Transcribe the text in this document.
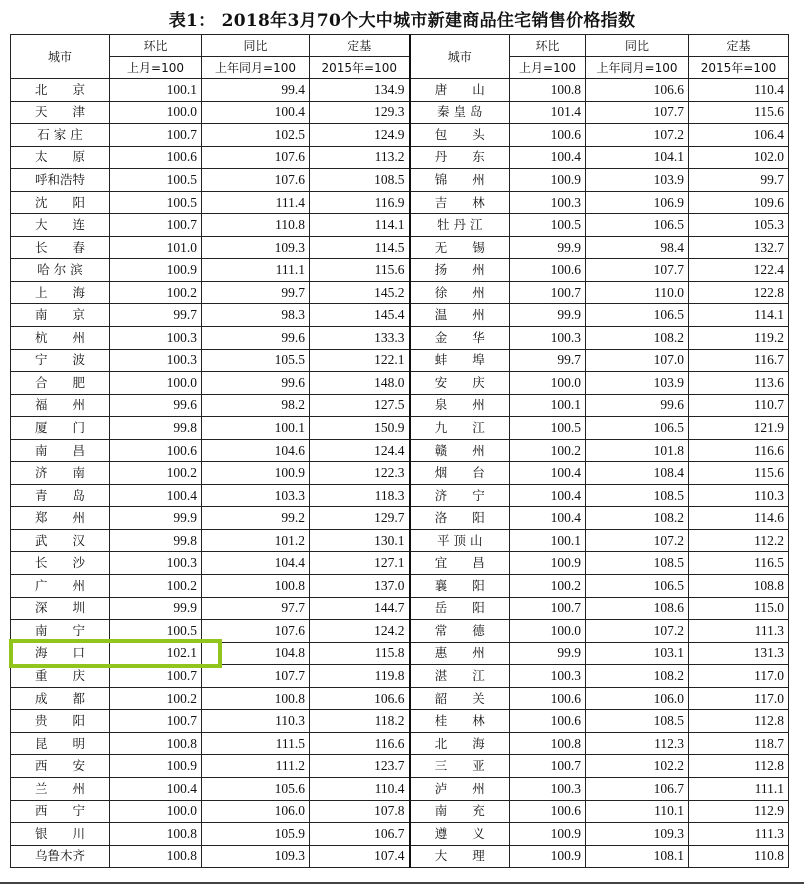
表1： 2018年3月70个大中城市新建商品住宅销售价格指数
城市	环比	同比	定基	城市	环比	同比	定基
	上月=100	上年同月=100	2015年=100		上月=100	上年同月=100	2015年=100
北　　京	100.1	99.4	134.9	唐　　山	100.8	106.6	110.4
天　　津	100.0	100.4	129.3	秦 皇 岛	101.4	107.7	115.6
石 家 庄	100.7	102.5	124.9	包　　头	100.6	107.2	106.4
太　　原	100.6	107.6	113.2	丹　　东	100.4	104.1	102.0
呼和浩特	100.5	107.6	108.5	锦　　州	100.9	103.9	99.7
沈　　阳	100.5	111.4	116.9	吉　　林	100.3	106.9	109.6
大　　连	100.7	110.8	114.1	牡 丹 江	100.5	106.5	105.3
长　　春	101.0	109.3	114.5	无　　锡	99.9	98.4	132.7
哈 尔 滨	100.9	111.1	115.6	扬　　州	100.6	107.7	122.4
上　　海	100.2	99.7	145.2	徐　　州	100.7	110.0	122.8
南　　京	99.7	98.3	145.4	温　　州	99.9	106.5	114.1
杭　　州	100.3	99.6	133.3	金　　华	100.3	108.2	119.2
宁　　波	100.3	105.5	122.1	蚌　　埠	99.7	107.0	116.7
合　　肥	100.0	99.6	148.0	安　　庆	100.0	103.9	113.6
福　　州	99.6	98.2	127.5	泉　　州	100.1	99.6	110.7
厦　　门	99.8	100.1	150.9	九　　江	100.5	106.5	121.9
南　　昌	100.6	104.6	124.4	赣　　州	100.2	101.8	116.6
济　　南	100.2	100.9	122.3	烟　　台	100.4	108.4	115.6
青　　岛	100.4	103.3	118.3	济　　宁	100.4	108.5	110.3
郑　　州	99.9	99.2	129.7	洛　　阳	100.4	108.2	114.6
武　　汉	99.8	101.2	130.1	平 顶 山	100.1	107.2	112.2
长　　沙	100.3	104.4	127.1	宜　　昌	100.9	108.5	116.5
广　　州	100.2	100.8	137.0	襄　　阳	100.2	106.5	108.8
深　　圳	99.9	97.7	144.7	岳　　阳	100.7	108.6	115.0
南　　宁	100.5	107.6	124.2	常　　德	100.0	107.2	111.3
海　　口	102.1	104.8	115.8	惠　　州	99.9	103.1	131.3
重　　庆	100.7	107.7	119.8	湛　　江	100.3	108.2	117.0
成　　都	100.2	100.8	106.6	韶　　关	100.6	106.0	117.0
贵　　阳	100.7	110.3	118.2	桂　　林	100.6	108.5	112.8
昆　　明	100.8	111.5	116.6	北　　海	100.8	112.3	118.7
西　　安	100.9	111.2	123.7	三　　亚	100.7	102.2	112.8
兰　　州	100.4	105.6	110.4	泸　　州	100.3	106.7	111.1
西　　宁	100.0	106.0	107.8	南　　充	100.6	110.1	112.9
银　　川	100.8	105.9	106.7	遵　　义	100.9	109.3	111.3
乌鲁木齐	100.8	109.3	107.4	大　　理	100.9	108.1	110.8
